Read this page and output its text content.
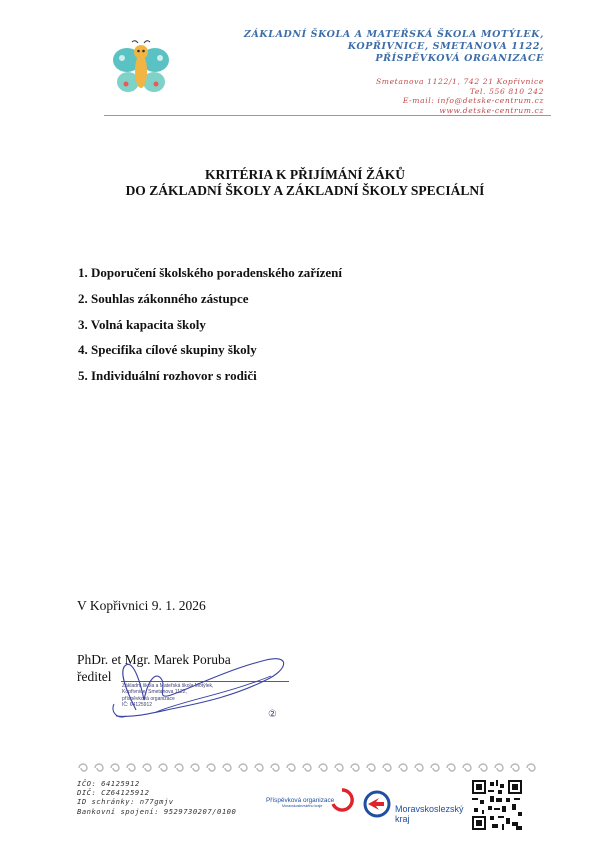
ZÁKLADNÍ ŠKOLA A MATEŘSKÁ ŠKOLA MOTÝLEK,
KOPŘIVNICE, SMETANOVA 1122,
PŘÍSPĚVKOVÁ ORGANIZACE
Smetanova 1122/1, 742 21 Kopřivnice
Tel. 556 810 242
E-mail: info@detske-centrum.cz
www.detske-centrum.cz
KRITÉRIA K PŘIJÍMÁNÍ ŽÁKŮ
DO ZÁKLADNÍ ŠKOLY A ZÁKLADNÍ ŠKOLY SPECIÁLNÍ
1. Doporučení školského poradenského zařízení
2. Souhlas zákonného zástupce
3. Volná kapacita školy
4. Specifika cílové skupiny školy
5. Individuální rozhovor s rodiči
V Kopřivnici 9. 1. 2026
PhDr. et Mgr. Marek Poruba
ředitel
Základní škola a Mateřská škola Motýlek,
Kopřivnice, Smetanova 1122,
příspěvková organizace
IČ: 64125912
②
IČO: 64125912
DIČ: CZ64125912
ID schránky: n77gmjv
Bankovní spojení: 9529730207/0100
Příspěvková organizace
Moravskoslezského kraje	Moravskoslezský
kraj
